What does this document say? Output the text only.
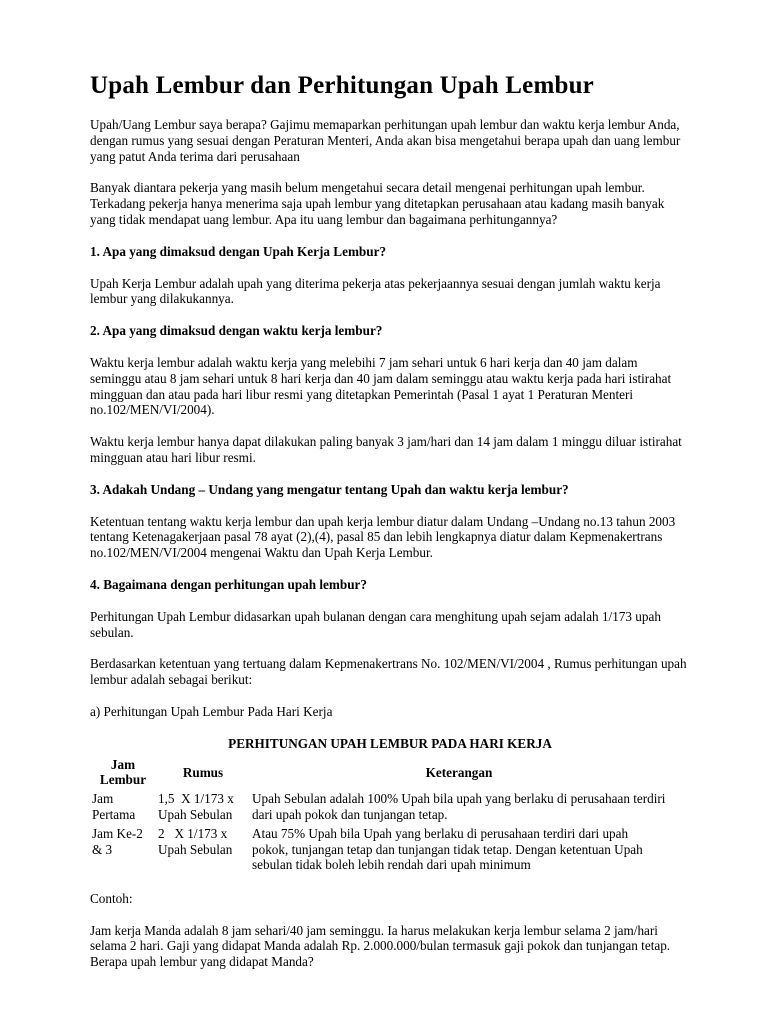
Upah Lembur dan Perhitungan Upah Lembur

Upah/Uang Lembur saya berapa? Gajimu memaparkan perhitungan upah lembur dan waktu kerja lembur Anda, dengan rumus yang sesuai dengan Peraturan Menteri, Anda akan bisa mengetahui berapa upah dan uang lembur yang patut Anda terima dari perusahaan

Banyak diantara pekerja yang masih belum mengetahui secara detail mengenai perhitungan upah lembur. Terkadang pekerja hanya menerima saja upah lembur yang ditetapkan perusahaan atau kadang masih banyak yang tidak mendapat uang lembur. Apa itu uang lembur dan bagaimana perhitungannya?

1. Apa yang dimaksud dengan Upah Kerja Lembur?

Upah Kerja Lembur adalah upah yang diterima pekerja atas pekerjaannya sesuai dengan jumlah waktu kerja lembur yang dilakukannya.

2. Apa yang dimaksud dengan waktu kerja lembur?

Waktu kerja lembur adalah waktu kerja yang melebihi 7 jam sehari untuk 6 hari kerja dan 40 jam dalam seminggu atau 8 jam sehari untuk 8 hari kerja dan 40 jam dalam seminggu atau waktu kerja pada hari istirahat mingguan dan atau pada hari libur resmi yang ditetapkan Pemerintah (Pasal 1 ayat 1 Peraturan Menteri no.102/MEN/VI/2004).

Waktu kerja lembur hanya dapat dilakukan paling banyak 3 jam/hari dan 14 jam dalam 1 minggu diluar istirahat mingguan atau hari libur resmi.

3. Adakah Undang – Undang yang mengatur tentang Upah dan waktu kerja lembur?

Ketentuan tentang waktu kerja lembur dan upah kerja lembur diatur dalam Undang –Undang no.13 tahun 2003 tentang Ketenagakerjaan pasal 78 ayat (2),(4), pasal 85 dan lebih lengkapnya diatur dalam Kepmenakertrans no.102/MEN/VI/2004 mengenai Waktu dan Upah Kerja Lembur.

4. Bagaimana dengan perhitungan upah lembur?

Perhitungan Upah Lembur didasarkan upah bulanan dengan cara menghitung upah sejam adalah 1/173 upah sebulan.

Berdasarkan ketentuan yang tertuang dalam Kepmenakertrans No. 102/MEN/VI/2004 , Rumus perhitungan upah lembur adalah sebagai berikut:

a) Perhitungan Upah Lembur Pada Hari Kerja

PERHITUNGAN UPAH LEMBUR PADA HARI KERJA
Jam
Lembur	Rumus	Keterangan
Jam
Pertama	1,5  X 1/173 x
Upah Sebulan	Upah Sebulan adalah 100% Upah bila upah yang berlaku di perusahaan terdiri dari upah pokok dan tunjangan tetap.
Jam Ke-2
& 3	2   X 1/173 x
Upah Sebulan	Atau 75% Upah bila Upah yang berlaku di perusahaan terdiri dari upah pokok, tunjangan tetap dan tunjangan tidak tetap. Dengan ketentuan Upah sebulan tidak boleh lebih rendah dari upah minimum

Contoh:

Jam kerja Manda adalah 8 jam sehari/40 jam seminggu. Ia harus melakukan kerja lembur selama 2 jam/hari selama 2 hari. Gaji yang didapat Manda adalah Rp. 2.000.000/bulan termasuk gaji pokok dan tunjangan tetap. Berapa upah lembur yang didapat Manda?
